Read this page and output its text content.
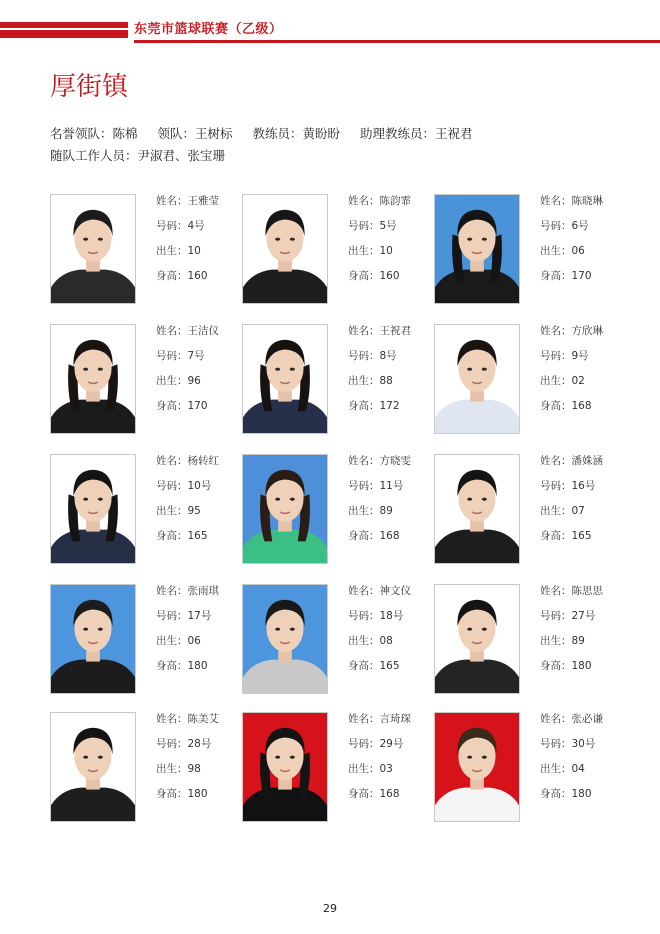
东莞市篮球联赛（乙级）
厚街镇
名誉领队：陈棉 领队：王树标 教练员：黄盼盼 助理教练员：王祝君
随队工作人员：尹淑君、张宝珊
姓名：王雅莹
号码：4号
出生：10
身高：160
姓名：陈韵霏
号码：5号
出生：10
身高：160
姓名：陈晓琳
号码：6号
出生：06
身高：170
姓名：王洁仪
号码：7号
出生：96
身高：170
姓名：王祝君
号码：8号
出生：88
身高：172
姓名：方欣琳
号码：9号
出生：02
身高：168
姓名：杨转红
号码：10号
出生：95
身高：165
姓名：方晓雯
号码：11号
出生：89
身高：168
姓名：潘姝涵
号码：16号
出生：07
身高：165
姓名：张雨琪
号码：17号
出生：06
身高：180
姓名：神文仪
号码：18号
出生：08
身高：165
姓名：陈思思
号码：27号
出生：89
身高：180
姓名：陈美艾
号码：28号
出生：98
身高：180
姓名：言琦琛
号码：29号
出生：03
身高：168
姓名：张必谦
号码：30号
出生：04
身高：180
29
